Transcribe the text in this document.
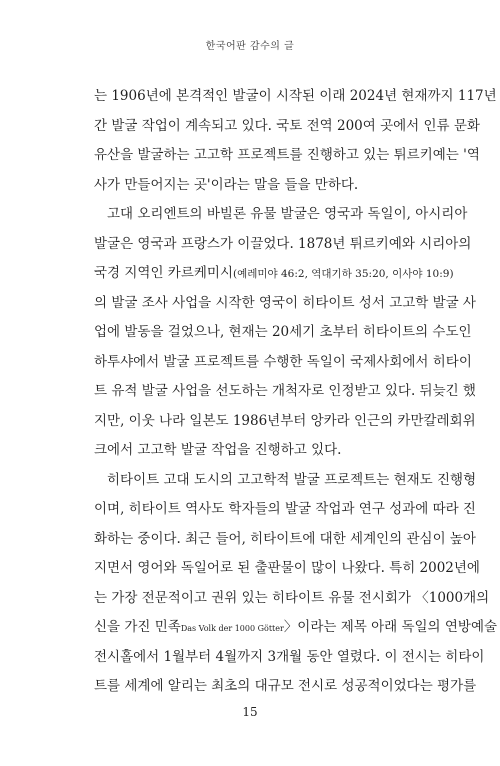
한국어판 감수의 글
는 1906년에 본격적인 발굴이 시작된 이래 2024년 현재까지 117년
간 발굴 작업이 계속되고 있다. 국토 전역 200여 곳에서 인류 문화
유산을 발굴하는 고고학 프로젝트를 진행하고 있는 튀르키예는 '역
사가 만들어지는 곳'이라는 말을 들을 만하다.
고대 오리엔트의 바빌론 유물 발굴은 영국과 독일이, 아시리아
발굴은 영국과 프랑스가 이끌었다. 1878년 튀르키예와 시리아의
국경 지역인 카르케미시(예레미야 46:2, 역대기하 35:20, 이사야 10:9)
의 발굴 조사 사업을 시작한 영국이 히타이트 성서 고고학 발굴 사
업에 발동을 걸었으나, 현재는 20세기 초부터 히타이트의 수도인
하투샤에서 발굴 프로젝트를 수행한 독일이 국제사회에서 히타이
트 유적 발굴 사업을 선도하는 개척자로 인정받고 있다. 뒤늦긴 했
지만, 이웃 나라 일본도 1986년부터 앙카라 인근의 카만칼레회위
크에서 고고학 발굴 작업을 진행하고 있다.
히타이트 고대 도시의 고고학적 발굴 프로젝트는 현재도 진행형
이며, 히타이트 역사도 학자들의 발굴 작업과 연구 성과에 따라 진
화하는 중이다. 최근 들어, 히타이트에 대한 세계인의 관심이 높아
지면서 영어와 독일어로 된 출판물이 많이 나왔다. 특히 2002년에
는 가장 전문적이고 권위 있는 히타이트 유물 전시회가 〈1000개의
신을 가진 민족Das Volk der 1000 Götter〉이라는 제목 아래 독일의 연방예술
전시홀에서 1월부터 4월까지 3개월 동안 열렸다. 이 전시는 히타이
트를 세계에 알리는 최초의 대규모 전시로 성공적이었다는 평가를
15
